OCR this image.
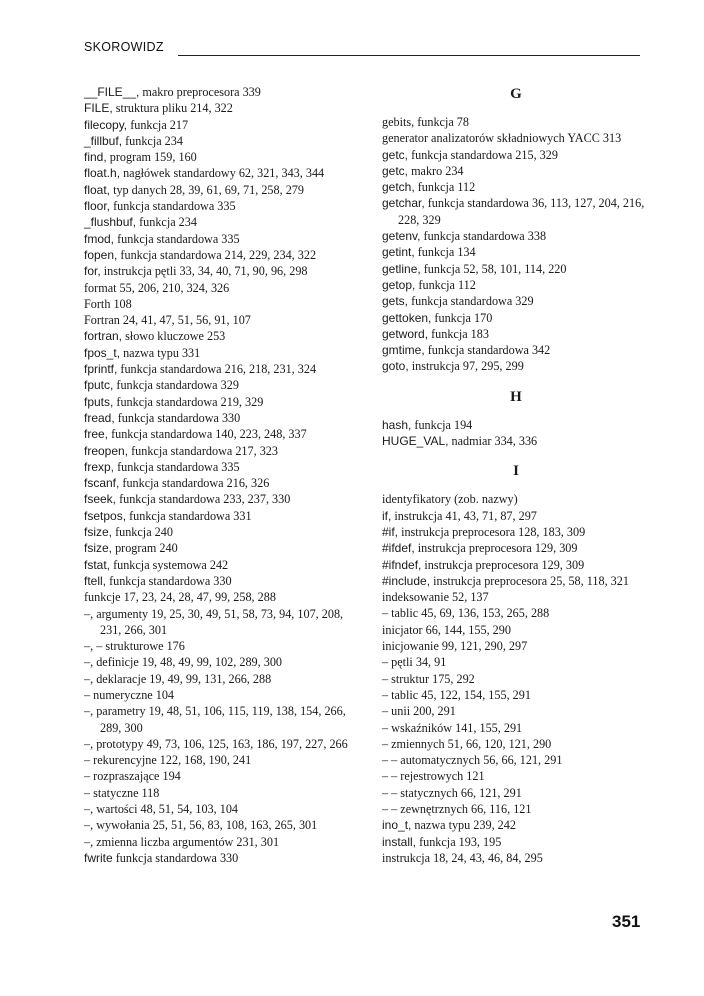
SKOROWIDZ
__FILE__, makro preprocesora 339
FILE, struktura pliku 214, 322
filecopy, funkcja 217
_fillbuf, funkcja 234
find, program 159, 160
float.h, nagłówek standardowy 62, 321, 343, 344
float, typ danych 28, 39, 61, 69, 71, 258, 279
floor, funkcja standardowa 335
_flushbuf, funkcja 234
fmod, funkcja standardowa 335
fopen, funkcja standardowa 214, 229, 234, 322
for, instrukcja pętli 33, 34, 40, 71, 90, 96, 298
format 55, 206, 210, 324, 326
Forth 108
Fortran 24, 41, 47, 51, 56, 91, 107
fortran, słowo kluczowe 253
fpos_t, nazwa typu 331
fprintf, funkcja standardowa 216, 218, 231, 324
fputc, funkcja standardowa 329
fputs, funkcja standardowa 219, 329
fread, funkcja standardowa 330
free, funkcja standardowa 140, 223, 248, 337
freopen, funkcja standardowa 217, 323
frexp, funkcja standardowa 335
fscanf, funkcja standardowa 216, 326
fseek, funkcja standardowa 233, 237, 330
fsetpos, funkcja standardowa 331
fsize, funkcja 240
fsize, program 240
fstat, funkcja systemowa 242
ftell, funkcja standardowa 330
funkcje 17, 23, 24, 28, 47, 99, 258, 288
–, argumenty 19, 25, 30, 49, 51, 58, 73, 94, 107, 208, 231, 266, 301
–, – strukturowe 176
–, definicje 19, 48, 49, 99, 102, 289, 300
–, deklaracje 19, 49, 99, 131, 266, 288
– numeryczne 104
–, parametry 19, 48, 51, 106, 115, 119, 138, 154, 266, 289, 300
–, prototypy 49, 73, 106, 125, 163, 186, 197, 227, 266
– rekurencyjne 122, 168, 190, 241
– rozpraszające 194
– statyczne 118
–, wartości 48, 51, 54, 103, 104
–, wywołania 25, 51, 56, 83, 108, 163, 265, 301
–, zmienna liczba argumentów 231, 301
fwrite funkcja standardowa 330
G
gebits, funkcja 78
generator analizatorów składniowych YACC 313
getc, funkcja standardowa 215, 329
getc, makro 234
getch, funkcja 112
getchar, funkcja standardowa 36, 113, 127, 204, 216, 228, 329
getenv, funkcja standardowa 338
getint, funkcja 134
getline, funkcja 52, 58, 101, 114, 220
getop, funkcja 112
gets, funkcja standardowa 329
gettoken, funkcja 170
getword, funkcja 183
gmtime, funkcja standardowa 342
goto, instrukcja 97, 295, 299
H
hash, funkcja 194
HUGE_VAL, nadmiar 334, 336
I
identyfikatory (zob. nazwy)
if, instrukcja 41, 43, 71, 87, 297
#if, instrukcja preprocesora 128, 183, 309
#ifdef, instrukcja preprocesora 129, 309
#ifndef, instrukcja preprocesora 129, 309
#include, instrukcja preprocesora 25, 58, 118, 321
indeksowanie 52, 137
– tablic 45, 69, 136, 153, 265, 288
inicjator 66, 144, 155, 290
inicjowanie 99, 121, 290, 297
– pętli 34, 91
– struktur 175, 292
– tablic 45, 122, 154, 155, 291
– unii 200, 291
– wskaźników 141, 155, 291
– zmiennych 51, 66, 120, 121, 290
– – automatycznych 56, 66, 121, 291
– – rejestrowych 121
– – statycznych 66, 121, 291
– – zewnętrznych 66, 116, 121
ino_t, nazwa typu 239, 242
install, funkcja 193, 195
instrukcja 18, 24, 43, 46, 84, 295
351
